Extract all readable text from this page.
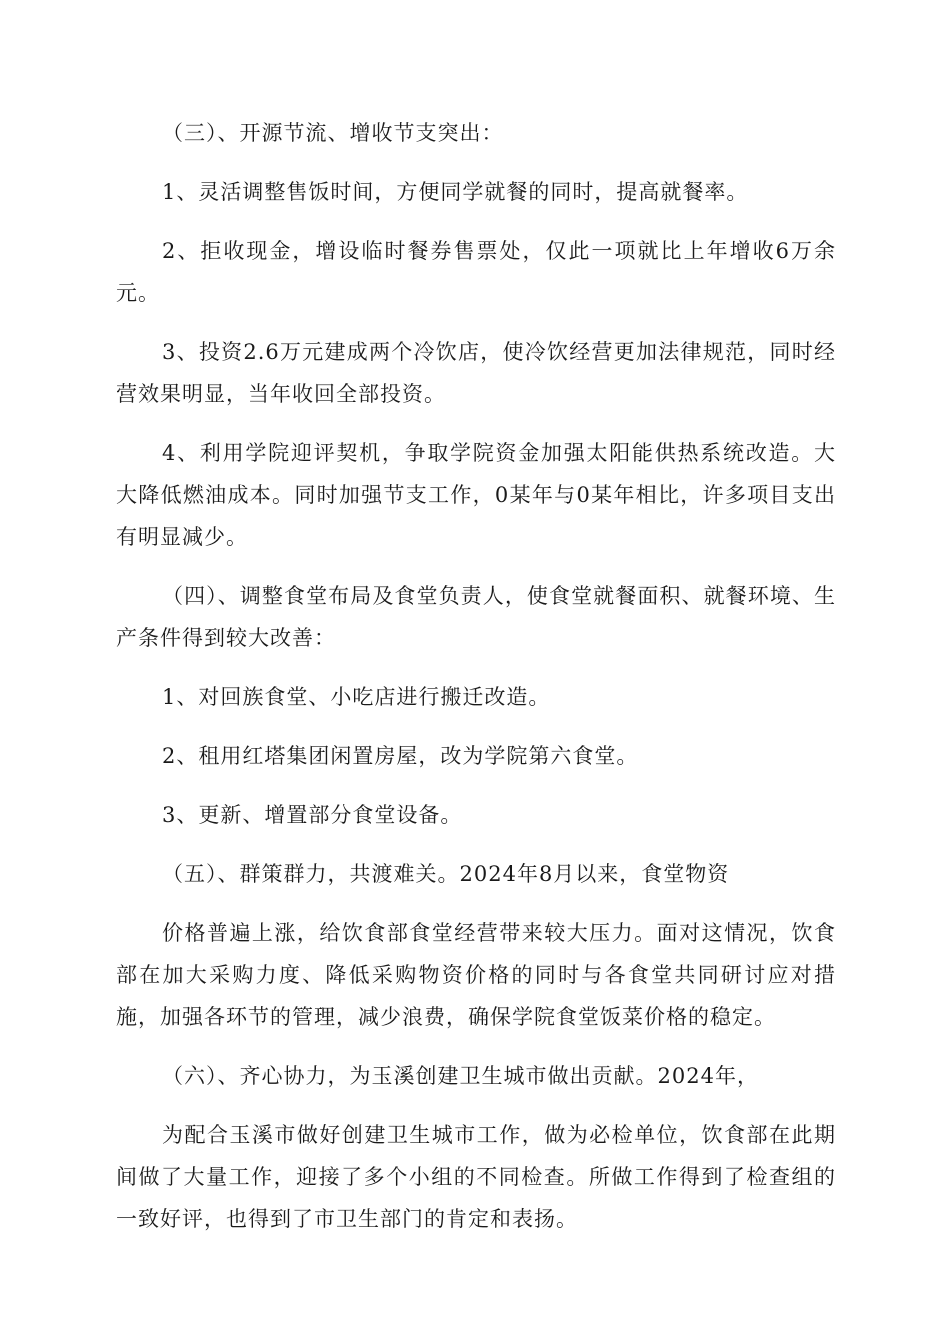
（三）、开源节流、增收节支突出：

1、灵活调整售饭时间，方便同学就餐的同时，提高就餐率。

2、拒收现金，增设临时餐券售票处，仅此一项就比上年增收6万余元。

3、投资2.6万元建成两个冷饮店，使冷饮经营更加法律规范，同时经营效果明显，当年收回全部投资。

4、利用学院迎评契机，争取学院资金加强太阳能供热系统改造。大大降低燃油成本。同时加强节支工作，0某年与0某年相比，许多项目支出有明显减少。

（四）、调整食堂布局及食堂负责人，使食堂就餐面积、就餐环境、生产条件得到较大改善：

1、对回族食堂、小吃店进行搬迁改造。

2、租用红塔集团闲置房屋，改为学院第六食堂。

3、更新、增置部分食堂设备。

（五）、群策群力，共渡难关。2024年8月以来，食堂物资

价格普遍上涨，给饮食部食堂经营带来较大压力。面对这情况，饮食部在加大采购力度、降低采购物资价格的同时与各食堂共同研讨应对措施，加强各环节的管理，减少浪费，确保学院食堂饭菜价格的稳定。

（六）、齐心协力，为玉溪创建卫生城市做出贡献。2024年，

为配合玉溪市做好创建卫生城市工作，做为必检单位，饮食部在此期间做了大量工作，迎接了多个小组的不同检查。所做工作得到了检查组的一致好评，也得到了市卫生部门的肯定和表扬。
